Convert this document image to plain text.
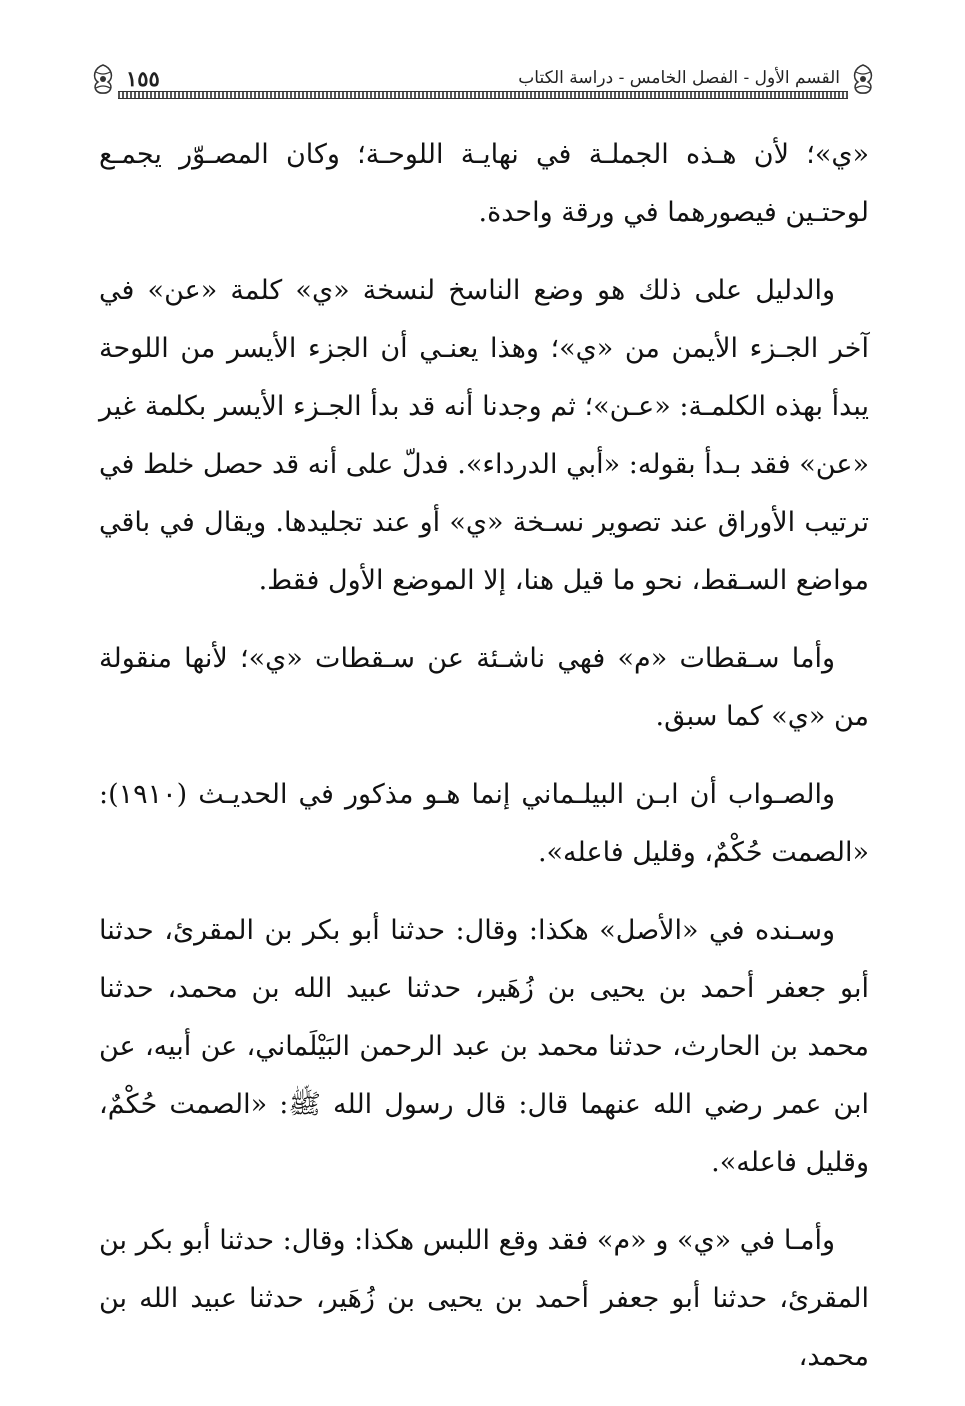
القسم الأول - الفصل الخامس - دراسة الكتاب
١٥٥

«ي»؛ لأن هـذه الجملـة في نهايـة اللوحـة؛ وكان المصـوّر يجمـع لوحتـين فيصورهما في ورقة واحدة.

والدليل على ذلك هو وضع الناسخ لنسخة «ي» كلمة «عن» في آخر الجـزء الأيمن من «ي»؛ وهذا يعنـي أن الجزء الأيسر من اللوحة يبدأ بهذه الكلمـة: «عـن»؛ ثم وجدنا أنه قد بدأ الجـزء الأيسر بكلمة غير «عن» فقد بـدأ بقوله: «أبي الدرداء». فدلّ على أنه قد حصل خلط في ترتيب الأوراق عند تصوير نسـخة «ي» أو عند تجليدها. ويقال في باقي مواضع السـقط، نحو ما قيل هنا، إلا الموضع الأول فقط.

وأما سـقطات «م» فهي ناشـئة عن سـقطات «ي»؛ لأنها منقولة من «ي» كما سبق.

والصـواب أن ابـن البيلـماني إنما هـو مذكور في الحديـث (١٩١٠): «الصمت حُكْمٌ، وقليل فاعله».

وسـنده في «الأصل» هكذا: وقال: حدثنا أبو بكر بن المقرئ، حدثنا أبو جعفر أحمد بن يحيى بن زُهَير، حدثنا عبيد الله بن محمد، حدثنا محمد بن الحارث، حدثنا محمد بن عبد الرحمن البَيْلَماني، عن أبيه، عن ابن عمر رضي الله عنهما قال: قال رسول الله ﷺ: «الصمت حُكْمٌ، وقليل فاعله».

وأمـا في «ي» و «م» فقد وقع اللبس هكذا: وقال: حدثنا أبو بكر بن المقرئ، حدثنا أبو جعفر أحمد بن يحيى بن زُهَير، حدثنا عبيد الله بن محمد،
